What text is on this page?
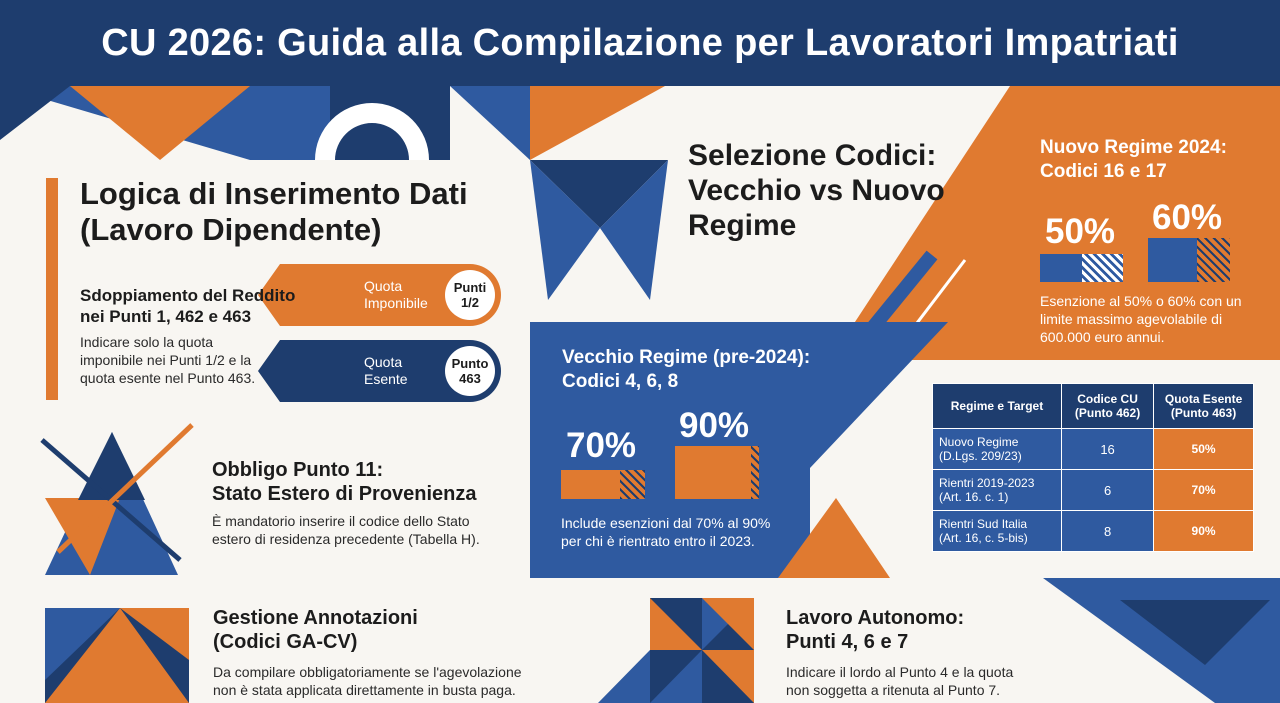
CU 2026: Guida alla Compilazione per Lavoratori Impatriati
Logica di Inserimento Dati
(Lavoro Dipendente)
Sdoppiamento del Reddito
nei Punti 1, 462 e 463
Indicare solo la quota
imponibile nei Punti 1/2 e la
quota esente nel Punto 463.
Quota
Imponibile
Punti
1/2
Quota
Esente
Punto
463
Obbligo Punto 11:
Stato Estero di Provenienza
È mandatorio inserire il codice dello Stato
estero di residenza precedente (Tabella H).
Gestione Annotazioni
(Codici GA-CV)
Da compilare obbligatoriamente se l'agevolazione
non è stata applicata direttamente in busta paga.
Selezione Codici:
Vecchio vs Nuovo
Regime
Nuovo Regime 2024:
Codici 16 e 17
50% 60%
Esenzione al 50% o 60% con un
limite massimo agevolabile di
600.000 euro annui.
Vecchio Regime (pre-2024):
Codici 4, 6, 8
70%
90%
Include esenzioni dal 70% al 90%
per chi è rientrato entro il 2023.
Regime e Target	Codice CU (Punto 462)	Quota Esente (Punto 463)

Nuovo Regime
(D.Lgs. 209/23)	16	50%

Rientri 2019-2023
(Art. 16. c. 1)	6	70%

Rientri Sud Italia
(Art. 16, c. 5-bis)	8	90%
Lavoro Autonomo:
Punti 4, 6 e 7
Indicare il lordo al Punto 4 e la quota
non soggetta a ritenuta al Punto 7.
